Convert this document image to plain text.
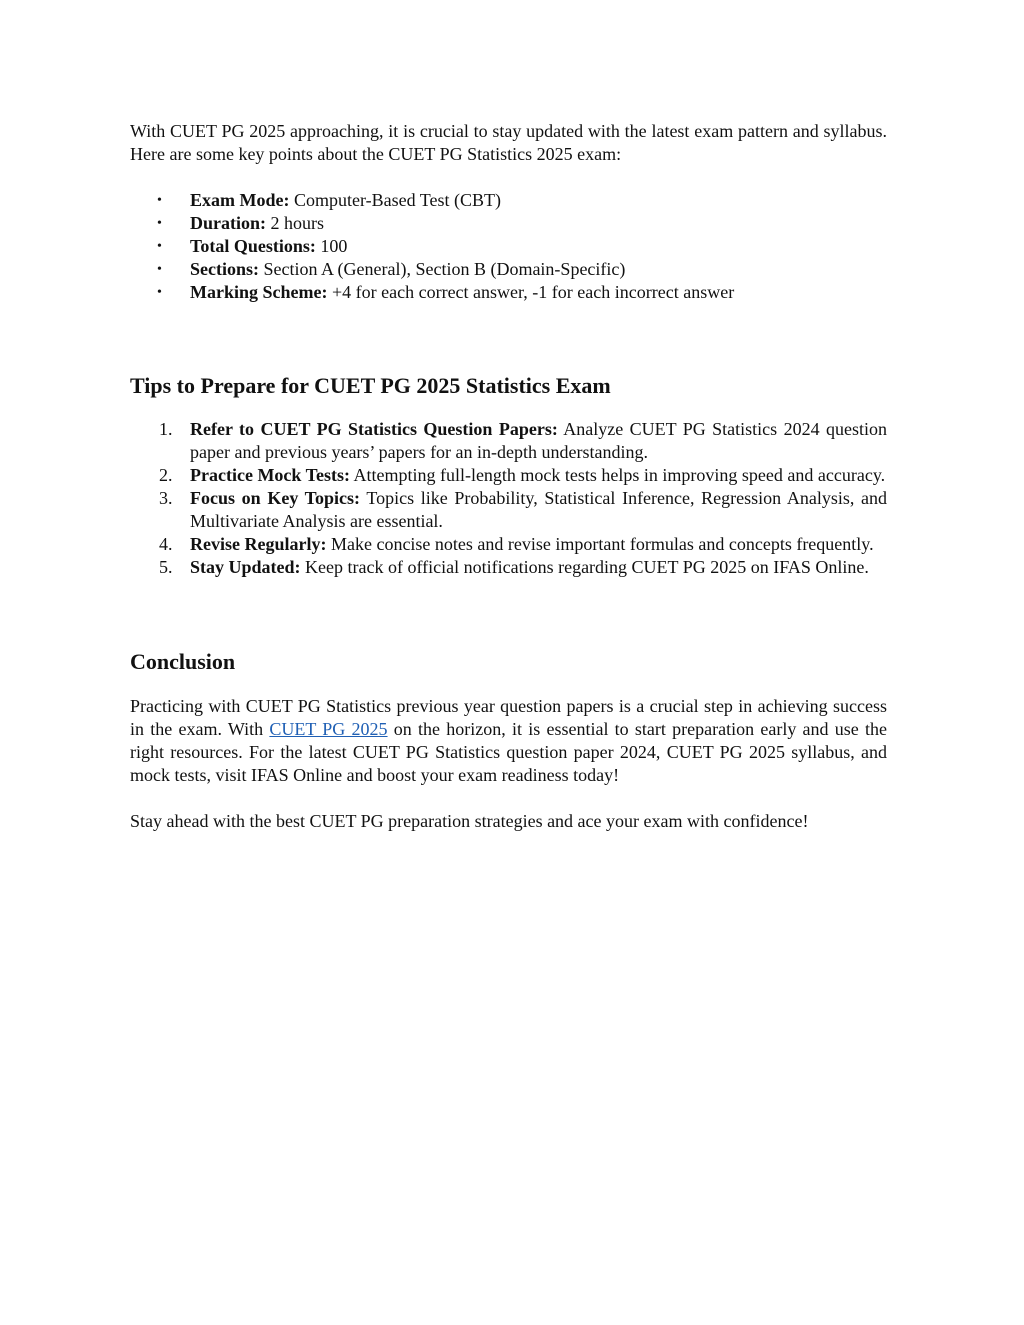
With CUET PG 2025 approaching, it is crucial to stay updated with the latest exam pattern and syllabus. Here are some key points about the CUET PG Statistics 2025 exam:

• Exam Mode: Computer-Based Test (CBT)
• Duration: 2 hours
• Total Questions: 100
• Sections: Section A (General), Section B (Domain-Specific)
• Marking Scheme: +4 for each correct answer, -1 for each incorrect answer
Tips to Prepare for CUET PG 2025 Statistics Exam
1. Refer to CUET PG Statistics Question Papers: Analyze CUET PG Statistics 2024 question paper and previous years’ papers for an in-depth understanding.
2. Practice Mock Tests: Attempting full-length mock tests helps in improving speed and accuracy.
3. Focus on Key Topics: Topics like Probability, Statistical Inference, Regression Analysis, and Multivariate Analysis are essential.
4. Revise Regularly: Make concise notes and revise important formulas and concepts frequently.
5. Stay Updated: Keep track of official notifications regarding CUET PG 2025 on IFAS Online.
Conclusion

Practicing with CUET PG Statistics previous year question papers is a crucial step in achieving success in the exam. With CUET PG 2025 on the horizon, it is essential to start preparation early and use the right resources. For the latest CUET PG Statistics question paper 2024, CUET PG 2025 syllabus, and mock tests, visit IFAS Online and boost your exam readiness today!

Stay ahead with the best CUET PG preparation strategies and ace your exam with confidence!
